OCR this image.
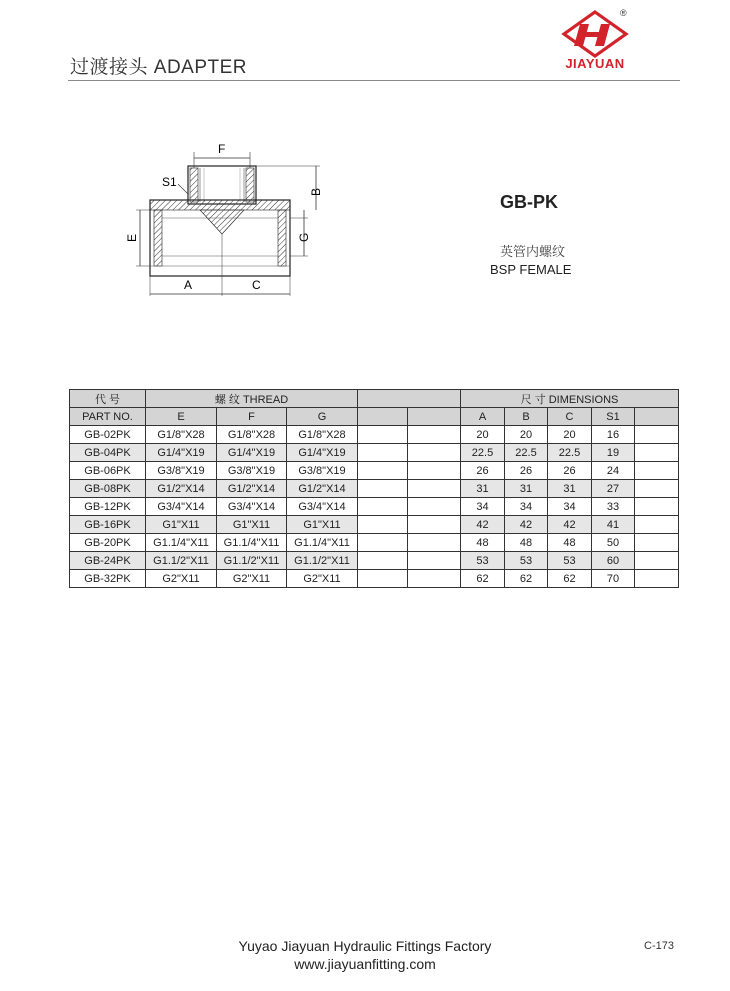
过渡接头 ADAPTER	JIAYUAN
®
F
S1
B
G
E
A	C
GB-PK
英管内螺纹
BSP FEMALE
代 号	螺 纹 THREAD					尺 寸 DIMENSIONS				
PART NO.	E	F	G			A	B	C	S1	
GB-02PK	G1/8"X28	G1/8"X28	G1/8"X28			20	20	20	16	
GB-04PK	G1/4"X19	G1/4"X19	G1/4"X19			22.5	22.5	22.5	19	
GB-06PK	G3/8"X19	G3/8"X19	G3/8"X19			26	26	26	24	
GB-08PK	G1/2"X14	G1/2"X14	G1/2"X14			31	31	31	27	
GB-12PK	G3/4"X14	G3/4"X14	G3/4"X14			34	34	34	33	
GB-16PK	G1"X11	G1"X11	G1"X11			42	42	42	41	
GB-20PK	G1.1/4"X11	G1.1/4"X11	G1.1/4"X11			48	48	48	50	
GB-24PK	G1.1/2"X11	G1.1/2"X11	G1.1/2"X11			53	53	53	60	
GB-32PK	G2"X11	G2"X11	G2"X11			62	62	62	70	
Yuyao Jiayuan Hydraulic Fittings Factory
www.jiayuanfitting.com
C-173
